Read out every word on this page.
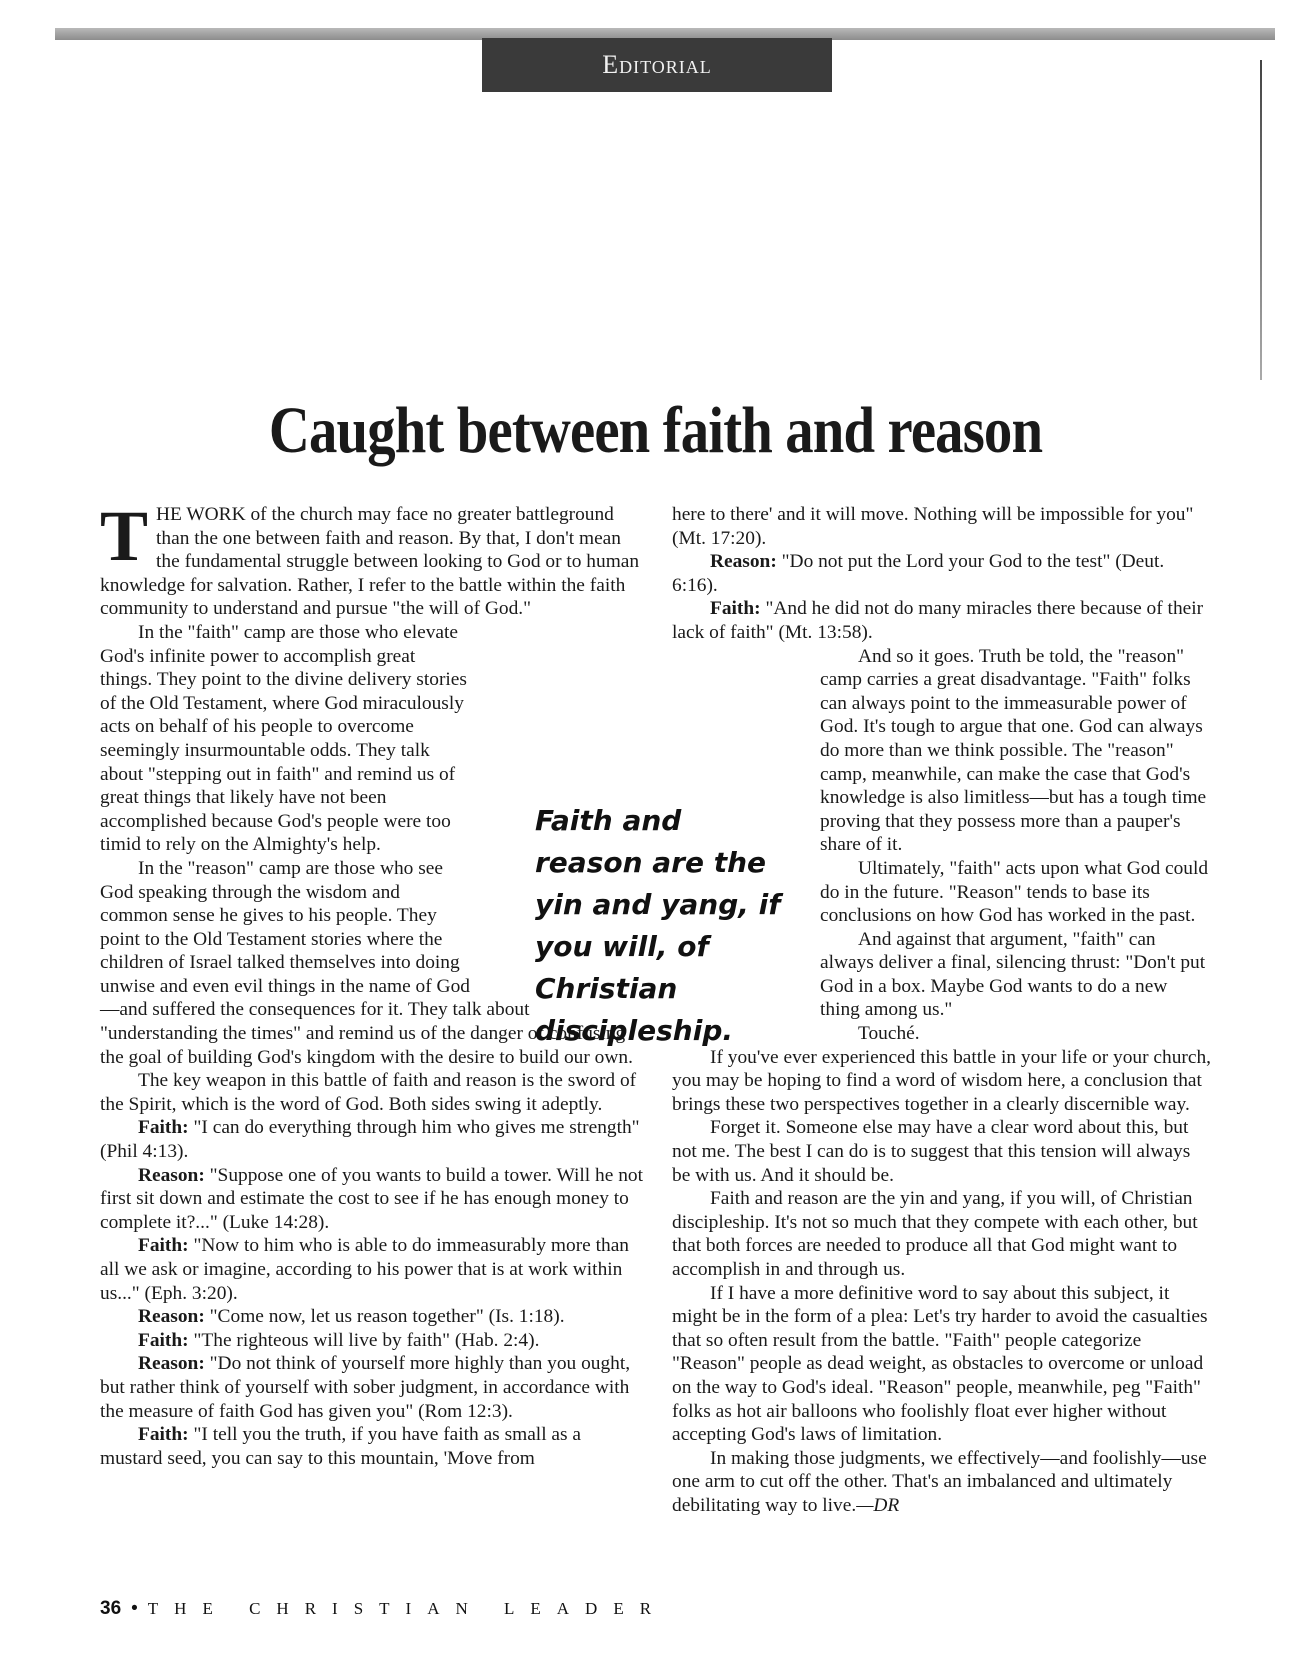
Editorial
Caught between faith and reason

THE WORK of the church may face no greater battleground than the one between faith and reason. By that, I don't mean the fundamental struggle between looking to God or to human knowledge for salvation. Rather, I refer to the battle within the faith community to understand and pursue "the will of God."

In the "faith" camp are those who elevate God's infinite power to accomplish great things. They point to the divine delivery stories of the Old Testament, where God miraculously acts on behalf of his people to overcome seemingly insurmountable odds. They talk about "stepping out in faith" and remind us of great things that likely have not been accomplished because God's people were too timid to rely on the Almighty's help.

In the "reason" camp are those who see God speaking through the wisdom and common sense he gives to his people. They point to the Old Testament stories where the children of Israel talked themselves into doing unwise and even evil things in the name of God—and suffered the consequences for it. They talk about "understanding the times" and remind us of the danger of confusing the goal of building God's kingdom with the desire to build our own.

The key weapon in this battle of faith and reason is the sword of the Spirit, which is the word of God. Both sides swing it adeptly.

Faith: "I can do everything through him who gives me strength" (Phil 4:13).

Reason: "Suppose one of you wants to build a tower. Will he not first sit down and estimate the cost to see if he has enough money to complete it?..." (Luke 14:28).

Faith: "Now to him who is able to do immeasurably more than all we ask or imagine, according to his power that is at work within us..." (Eph. 3:20).

Reason: "Come now, let us reason together" (Is. 1:18).

Faith: "The righteous will live by faith" (Hab. 2:4).

Reason: "Do not think of yourself more highly than you ought, but rather think of yourself with sober judgment, in accordance with the measure of faith God has given you" (Rom 12:3).

Faith: "I tell you the truth, if you have faith as small as a mustard seed, you can say to this mountain, 'Move from

here to there' and it will move. Nothing will be impossible for you" (Mt. 17:20).

Reason: "Do not put the Lord your God to the test" (Deut. 6:16).

Faith: "And he did not do many miracles there because of their lack of faith" (Mt. 13:58).

And so it goes. Truth be told, the "reason" camp carries a great disadvantage. "Faith" folks can always point to the immeasurable power of God. It's tough to argue that one. God can always do more than we think possible. The "reason" camp, meanwhile, can make the case that God's knowledge is also limitless—but has a tough time proving that they possess more than a pauper's share of it.

Ultimately, "faith" acts upon what God could do in the future. "Reason" tends to base its conclusions on how God has worked in the past.

And against that argument, "faith" can always deliver a final, silencing thrust: "Don't put God in a box. Maybe God wants to do a new thing among us."

Touché.

If you've ever experienced this battle in your life or your church, you may be hoping to find a word of wisdom here, a conclusion that brings these two perspectives together in a clearly discernible way.

Forget it. Someone else may have a clear word about this, but not me. The best I can do is to suggest that this tension will always be with us. And it should be.

Faith and reason are the yin and yang, if you will, of Christian discipleship. It's not so much that they compete with each other, but that both forces are needed to produce all that God might want to accomplish in and through us.

If I have a more definitive word to say about this subject, it might be in the form of a plea: Let's try harder to avoid the casualties that so often result from the battle. "Faith" people categorize "Reason" people as dead weight, as obstacles to overcome or unload on the way to God's ideal. "Reason" people, meanwhile, peg "Faith" folks as hot air balloons who foolishly float ever higher without accepting God's laws of limitation.

In making those judgments, we effectively—and foolishly—use one arm to cut off the other. That's an imbalanced and ultimately debilitating way to live.—DR

Faith and reason are the yin and yang, if you will, of Christian discipleship.
36 • THE CHRISTIAN LEADER
